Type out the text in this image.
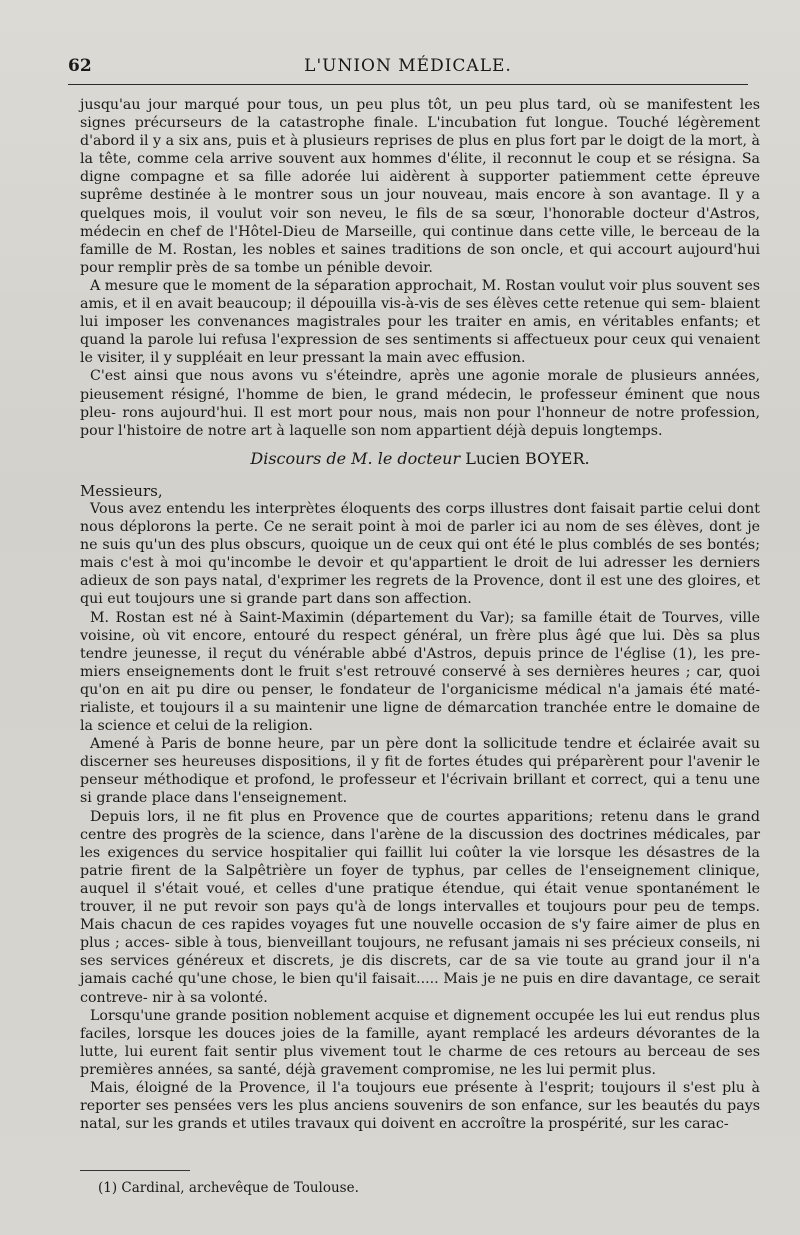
62	L'UNION MÉDICALE.

jusqu'au jour marqué pour tous, un peu plus tôt, un peu plus tard, où se manifestent les signes précurseurs de la catastrophe finale. L'incubation fut longue. Touché légèrement d'abord il y a six ans, puis et à plusieurs reprises de plus en plus fort par le doigt de la mort, à la tête, comme cela arrive souvent aux hommes d'élite, il reconnut le coup et se résigna. Sa digne compagne et sa fille adorée lui aidèrent à supporter patiemment cette épreuve suprême destinée à le montrer sous un jour nouveau, mais encore à son avantage. Il y a quelques mois, il voulut voir son neveu, le fils de sa sœur, l'honorable docteur d'Astros, médecin en chef de l'Hôtel-Dieu de Marseille, qui continue dans cette ville, le berceau de la famille de M. Rostan, les nobles et saines traditions de son oncle, et qui accourt aujourd'hui pour remplir près de sa tombe un pénible devoir.

A mesure que le moment de la séparation approchait, M. Rostan voulut voir plus souvent ses amis, et il en avait beaucoup; il dépouilla vis-à-vis de ses élèves cette retenue qui sem- blaient lui imposer les convenances magistrales pour les traiter en amis, en véritables enfants; et quand la parole lui refusa l'expression de ses sentiments si affectueux pour ceux qui venaient le visiter, il y suppléait en leur pressant la main avec effusion.

C'est ainsi que nous avons vu s'éteindre, après une agonie morale de plusieurs années, pieusement résigné, l'homme de bien, le grand médecin, le professeur éminent que nous pleu- rons aujourd'hui. Il est mort pour nous, mais non pour l'honneur de notre profession, pour l'histoire de notre art à laquelle son nom appartient déjà depuis longtemps.

Discours de M. le docteur Lucien BOYER.

Messieurs,

Vous avez entendu les interprètes éloquents des corps illustres dont faisait partie celui dont nous déplorons la perte. Ce ne serait point à moi de parler ici au nom de ses élèves, dont je ne suis qu'un des plus obscurs, quoique un de ceux qui ont été le plus comblés de ses bontés; mais c'est à moi qu'incombe le devoir et qu'appartient le droit de lui adresser les derniers adieux de son pays natal, d'exprimer les regrets de la Provence, dont il est une des gloires, et qui eut toujours une si grande part dans son affection.

M. Rostan est né à Saint-Maximin (département du Var); sa famille était de Tourves, ville voisine, où vit encore, entouré du respect général, un frère plus âgé que lui. Dès sa plus tendre jeunesse, il reçut du vénérable abbé d'Astros, depuis prince de l'église (1), les pre- miers enseignements dont le fruit s'est retrouvé conservé à ses dernières heures ; car, quoi qu'on en ait pu dire ou penser, le fondateur de l'organicisme médical n'a jamais été maté- rialiste, et toujours il a su maintenir une ligne de démarcation tranchée entre le domaine de la science et celui de la religion.

Amené à Paris de bonne heure, par un père dont la sollicitude tendre et éclairée avait su discerner ses heureuses dispositions, il y fit de fortes études qui préparèrent pour l'avenir le penseur méthodique et profond, le professeur et l'écrivain brillant et correct, qui a tenu une si grande place dans l'enseignement.

Depuis lors, il ne fit plus en Provence que de courtes apparitions; retenu dans le grand centre des progrès de la science, dans l'arène de la discussion des doctrines médicales, par les exigences du service hospitalier qui faillit lui coûter la vie lorsque les désastres de la patrie firent de la Salpêtrière un foyer de typhus, par celles de l'enseignement clinique, auquel il s'était voué, et celles d'une pratique étendue, qui était venue spontanément le trouver, il ne put revoir son pays qu'à de longs intervalles et toujours pour peu de temps. Mais chacun de ces rapides voyages fut une nouvelle occasion de s'y faire aimer de plus en plus ; acces- sible à tous, bienveillant toujours, ne refusant jamais ni ses précieux conseils, ni ses services généreux et discrets, je dis discrets, car de sa vie toute au grand jour il n'a jamais caché qu'une chose, le bien qu'il faisait..... Mais je ne puis en dire davantage, ce serait contreve- nir à sa volonté.

Lorsqu'une grande position noblement acquise et dignement occupée les lui eut rendus plus faciles, lorsque les douces joies de la famille, ayant remplacé les ardeurs dévorantes de la lutte, lui eurent fait sentir plus vivement tout le charme de ces retours au berceau de ses premières années, sa santé, déjà gravement compromise, ne les lui permit plus.

Mais, éloigné de la Provence, il l'a toujours eue présente à l'esprit; toujours il s'est plu à reporter ses pensées vers les plus anciens souvenirs de son enfance, sur les beautés du pays natal, sur les grands et utiles travaux qui doivent en accroître la prospérité, sur les carac-

(1) Cardinal, archevêque de Toulouse.
